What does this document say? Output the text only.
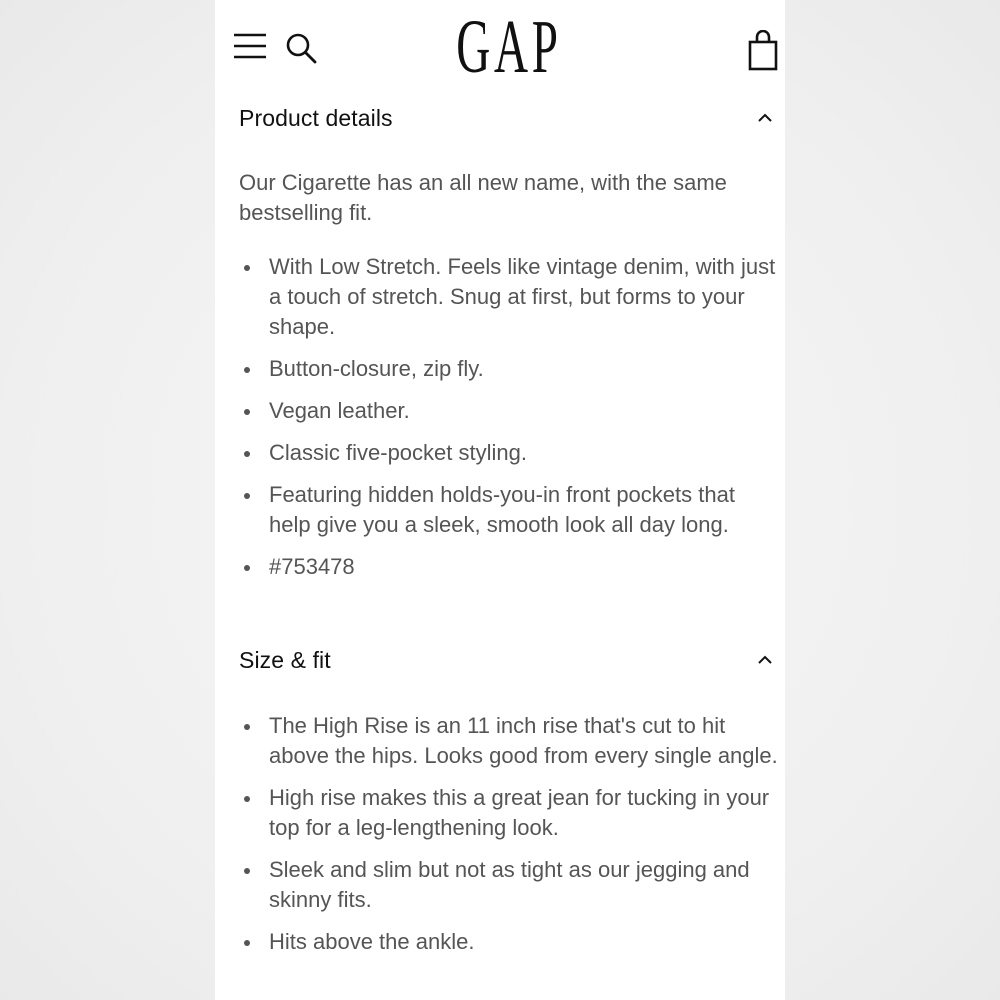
GAP
Product details

Our Cigarette has an all new name, with the same bestselling fit.

With Low Stretch. Feels like vintage denim, with just a touch of stretch. Snug at first, but forms to your shape.
Button-closure, zip fly.
Vegan leather.
Classic five-pocket styling.
Featuring hidden holds-you-in front pockets that help give you a sleek, smooth look all day long.
#753478
Size & fit
The High Rise is an 11 inch rise that's cut to hit above the hips. Looks good from every single angle.
High rise makes this a great jean for tucking in your top for a leg-lengthening look.
Sleek and slim but not as tight as our jegging and skinny fits.
Hits above the ankle.
